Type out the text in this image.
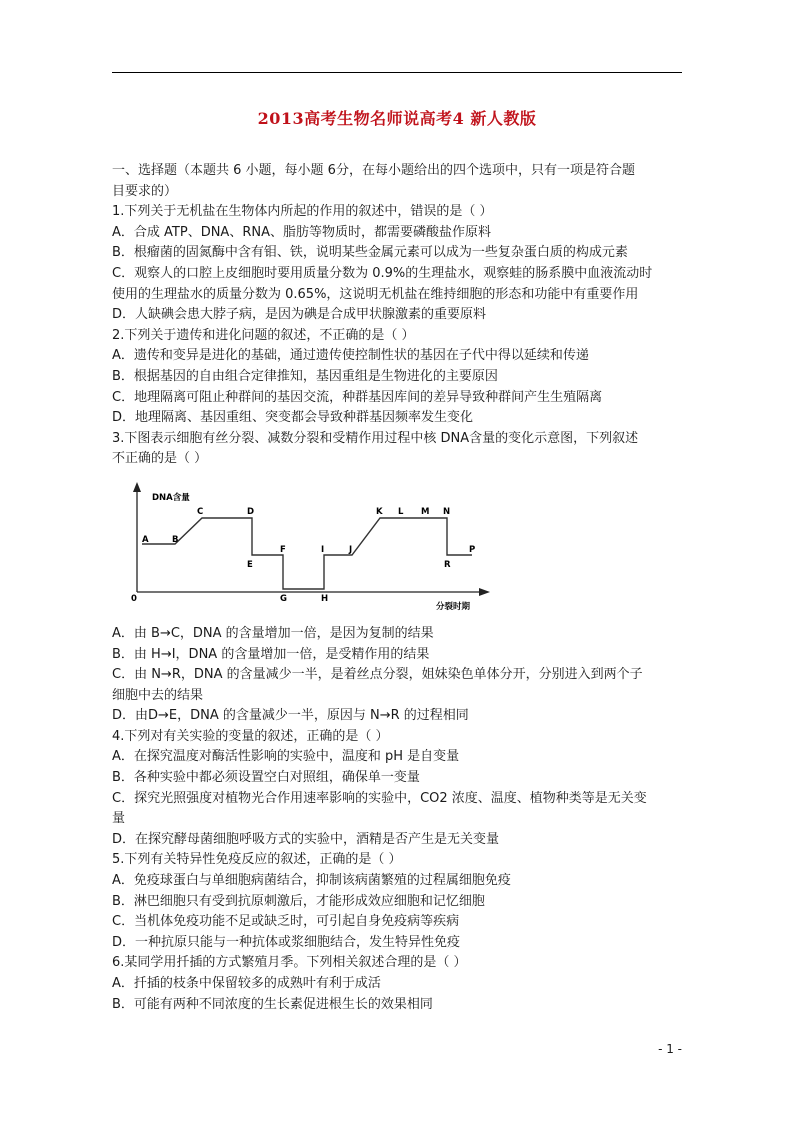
2013高考生物名师说高考4 新人教版
一、选择题（本题共 6 小题，每小题 6分，在每小题给出的四个选项中，只有一项是符合题
目要求的）
1.下列关于无机盐在生物体内所起的作用的叙述中，错误的是（ ）
A．合成 ATP、DNA、RNA、脂肪等物质时，都需要磷酸盐作原料
B．根瘤菌的固氮酶中含有钼、铁，说明某些金属元素可以成为一些复杂蛋白质的构成元素
C．观察人的口腔上皮细胞时要用质量分数为 0.9%的生理盐水，观察蛙的肠系膜中血液流动时
使用的生理盐水的质量分数为 0.65%，这说明无机盐在维持细胞的形态和功能中有重要作用
D．人缺碘会患大脖子病，是因为碘是合成甲状腺激素的重要原料
2.下列关于遗传和进化问题的叙述，不正确的是（ ）
A．遗传和变异是进化的基础，通过遗传使控制性状的基因在子代中得以延续和传递
B．根据基因的自由组合定律推知，基因重组是生物进化的主要原因
C．地理隔离可阻止种群间的基因交流，种群基因库间的差异导致种群间产生生殖隔离
D．地理隔离、基因重组、突变都会导致种群基因频率发生变化
3.下图表示细胞有丝分裂、减数分裂和受精作用过程中核 DNA含量的变化示意图，下列叙述
不正确的是（ ）
DNA含量
分裂时期
0
A	B
C	D
E
F
G	H
I	J
K L M N
R
P
A．由 B→C，DNA 的含量增加一倍，是因为复制的结果
B．由 H→I，DNA 的含量增加一倍，是受精作用的结果
C．由 N→R，DNA 的含量减少一半，是着丝点分裂，姐妹染色单体分开，分别进入到两个子
细胞中去的结果
D．由D→E，DNA 的含量减少一半，原因与 N→R 的过程相同
4.下列对有关实验的变量的叙述，正确的是（ ）
A．在探究温度对酶活性影响的实验中，温度和 pH 是自变量
B．各种实验中都必须设置空白对照组，确保单一变量
C．探究光照强度对植物光合作用速率影响的实验中，CO2 浓度、温度、植物种类等是无关变
量
D．在探究酵母菌细胞呼吸方式的实验中，酒精是否产生是无关变量
5.下列有关特异性免疫反应的叙述，正确的是（ ）
A．免疫球蛋白与单细胞病菌结合，抑制该病菌繁殖的过程属细胞免疫
B．淋巴细胞只有受到抗原刺激后，才能形成效应细胞和记忆细胞
C．当机体免疫功能不足或缺乏时，可引起自身免疫病等疾病
D．一种抗原只能与一种抗体或浆细胞结合，发生特异性免疫
6.某同学用扦插的方式繁殖月季。下列相关叙述合理的是（ ）
A．扦插的枝条中保留较多的成熟叶有利于成活
B．可能有两种不同浓度的生长素促进根生长的效果相同
- 1 -
